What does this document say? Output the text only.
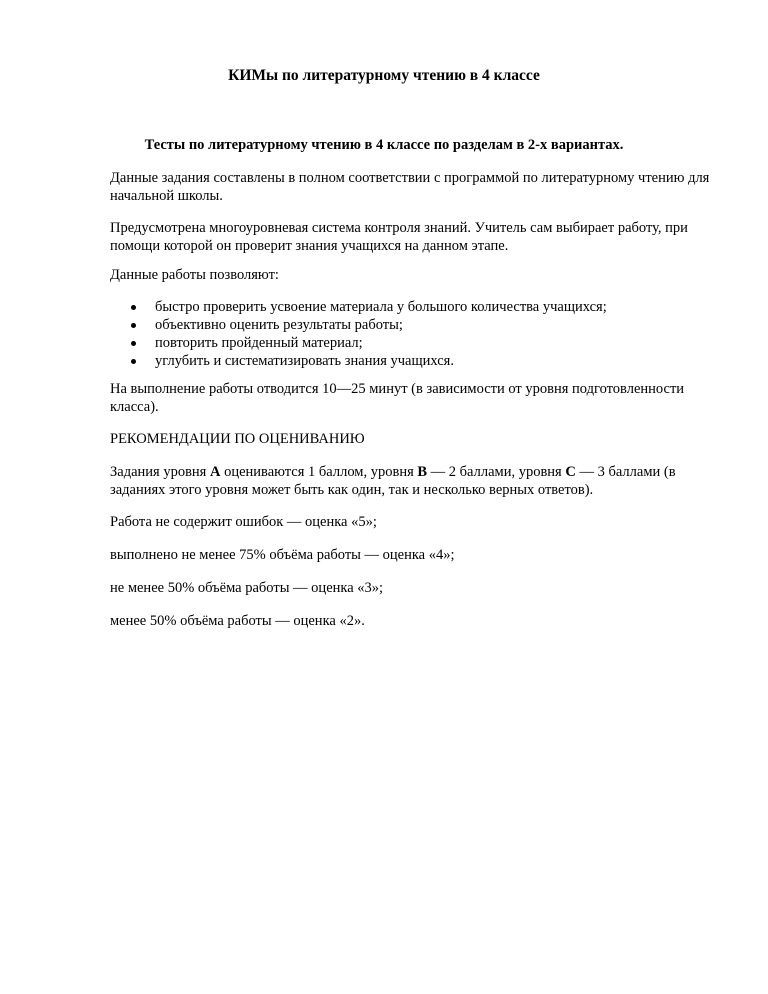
КИМы по литературному чтению в 4 классе
Тесты по литературному чтению в 4 классе по разделам в 2-х вариантах.

Данные задания составлены в полном соответствии с программой по литературному чтению для начальной школы.

Предусмотрена многоуровневая система контроля знаний. Учитель сам выбирает работу, при помощи которой он проверит знания учащихся на данном этапе.

Данные работы позволяют:

быстро проверить усвоение материала у большого количества учащихся;
объективно оценить результаты работы;
повторить пройденный материал;
углубить и систематизировать знания учащихся.

На выполнение работы отводится 10—25 минут (в зависимости от уровня подготовленности класса).

РЕКОМЕНДАЦИИ ПО ОЦЕНИВАНИЮ

Задания уровня А оцениваются 1 баллом, уровня В — 2 баллами, уровня С — 3 баллами (в заданиях этого уровня может быть как один, так и несколько верных ответов).

Работа не содержит ошибок — оценка «5»;

выполнено не менее 75% объёма работы — оценка «4»;

не менее 50% объёма работы — оценка «3»;

менее 50% объёма работы — оценка «2».
